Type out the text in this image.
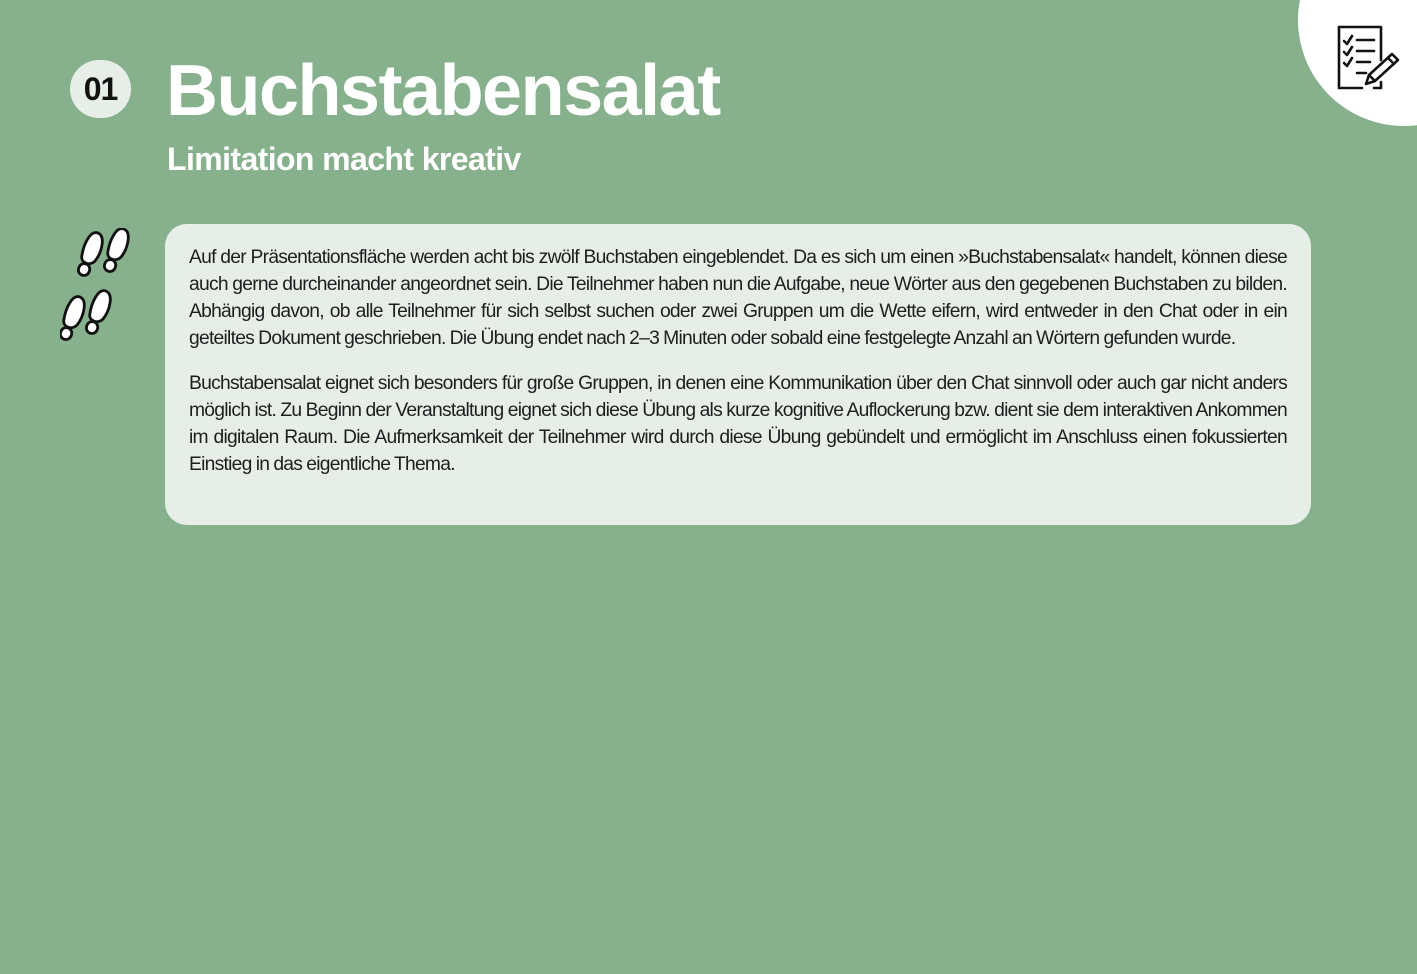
01 Buchstabensalat
Limitation macht kreativ

Auf der Präsentationsfläche werden acht bis zwölf Buchstaben eingeblendet. Da es sich um einen »Buchstabensalat« handelt, können diese auch gerne durcheinander angeordnet sein. Die Teilnehmer haben nun die Aufgabe, neue Wörter aus den gegebenen Buchstaben zu bilden. Abhängig davon, ob alle Teilnehmer für sich selbst suchen oder zwei Gruppen um die Wette eifern, wird entweder in den Chat oder in ein geteiltes Dokument geschrieben. Die Übung endet nach 2–3 Minuten oder sobald eine festgelegte Anzahl an Wörtern gefunden wurde.

Buchstabensalat eignet sich besonders für große Gruppen, in denen eine Kommunikation über den Chat sinnvoll oder auch gar nicht anders möglich ist. Zu Beginn der Veranstaltung eignet sich diese Übung als kurze kognitive Auflockerung bzw. dient sie dem interaktiven Ankommen im digitalen Raum. Die Aufmerksamkeit der Teilnehmer wird durch diese Übung gebündelt und ermöglicht im Anschluss einen fokussierten Einstieg in das eigentliche Thema.
